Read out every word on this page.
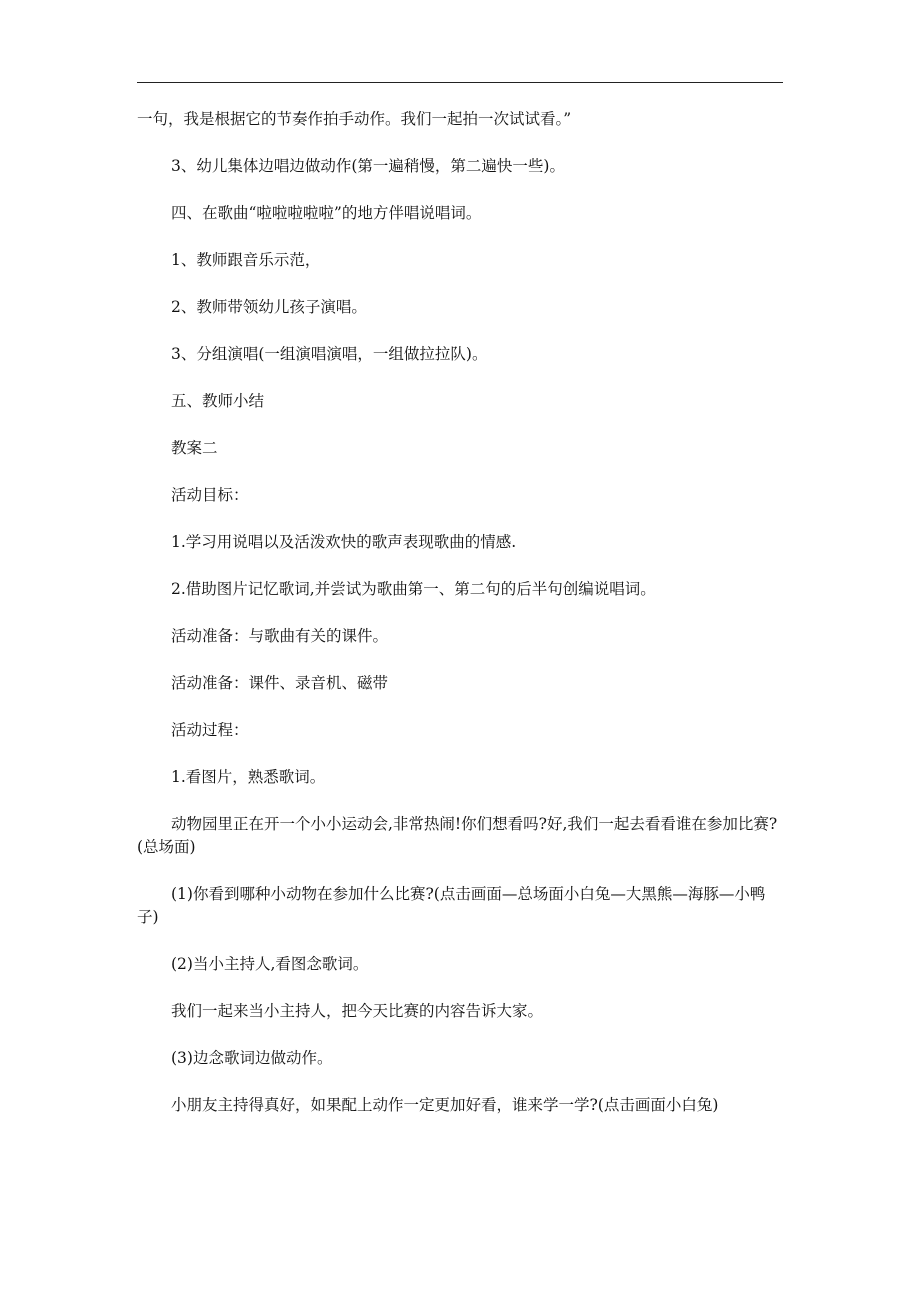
一句，我是根据它的节奏作拍手动作。我们一起拍一次试试看。”

3、幼儿集体边唱边做动作(第一遍稍慢，第二遍快一些)。

四、在歌曲“啦啦啦啦啦”的地方伴唱说唱词。

1、教师跟音乐示范，

2、教师带领幼儿孩子演唱。

3、分组演唱(一组演唱演唱，一组做拉拉队)。

五、教师小结

教案二

活动目标：

1.学习用说唱以及活泼欢快的歌声表现歌曲的情感.

2.借助图片记忆歌词,并尝试为歌曲第一、第二句的后半句创编说唱词。

活动准备：与歌曲有关的课件。

活动准备：课件、录音机、磁带

活动过程：

1.看图片，熟悉歌词。

动物园里正在开一个小小运动会,非常热闹!你们想看吗?好,我们一起去看看谁在参加比赛?(总场面)

(1)你看到哪种小动物在参加什么比赛?(点击画面—总场面小白兔—大黑熊—海豚—小鸭子)

(2)当小主持人,看图念歌词。

我们一起来当小主持人，把今天比赛的内容告诉大家。

(3)边念歌词边做动作。

小朋友主持得真好，如果配上动作一定更加好看，谁来学一学?(点击画面小白兔)
